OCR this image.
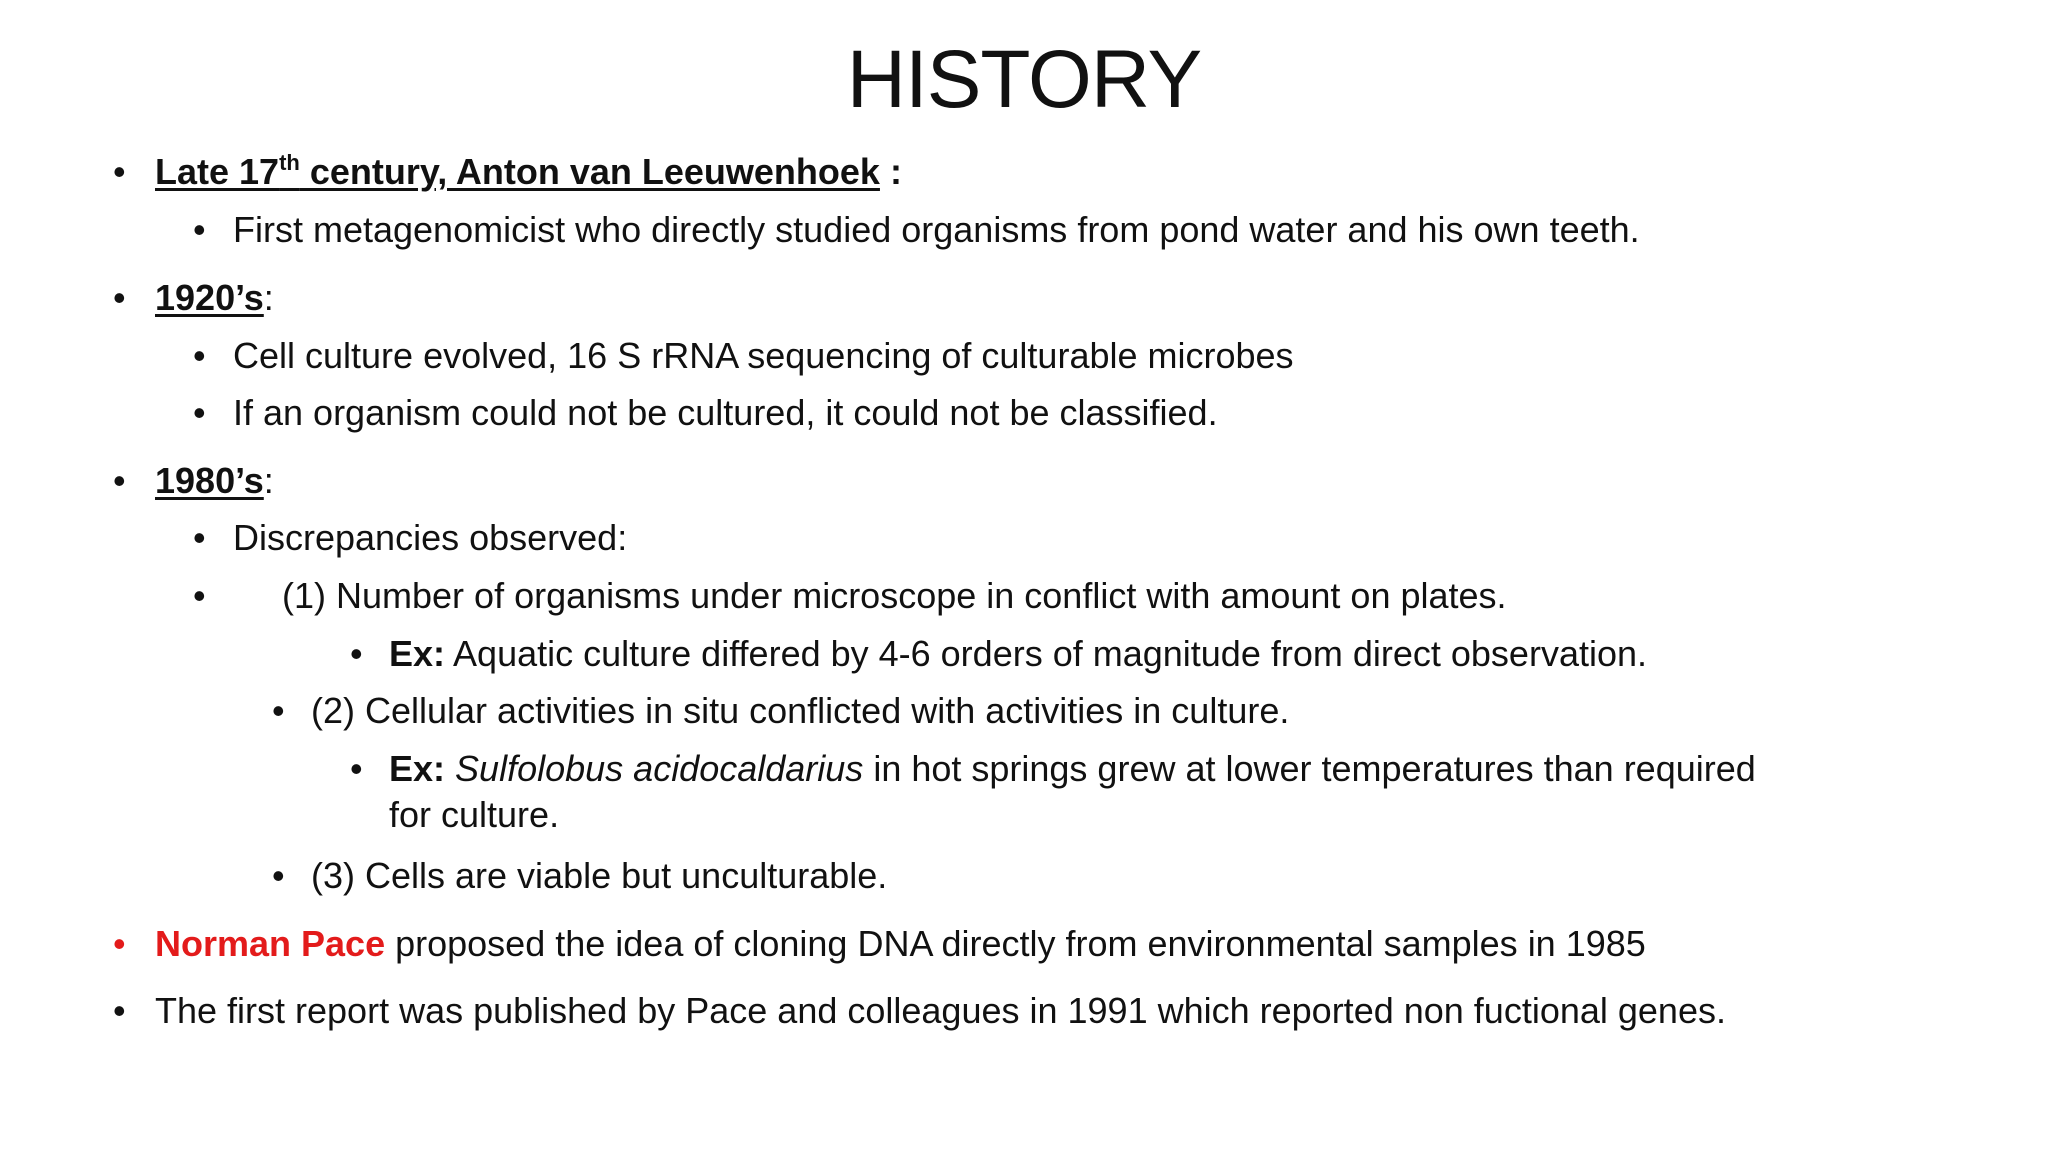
HISTORY
• Late 17th century, Anton van Leeuwenhoek :
• First metagenomicist who directly studied organisms from pond water and his own teeth.
• 1920’s:
• Cell culture evolved, 16 S rRNA sequencing of culturable microbes
• If an organism could not be cultured, it could not be classified.
• 1980’s:
• Discrepancies observed:
• (1) Number of organisms under microscope in conflict with amount on plates.
• Ex: Aquatic culture differed by 4-6 orders of magnitude from direct observation.
• (2) Cellular activities in situ conflicted with activities in culture.
• Ex: Sulfolobus acidocaldarius in hot springs grew at lower temperatures than required
for culture.
• (3) Cells are viable but unculturable.
• Norman Pace proposed the idea of cloning DNA directly from environmental samples in 1985
• The first report was published by Pace and colleagues in 1991 which reported non fuctional genes.
